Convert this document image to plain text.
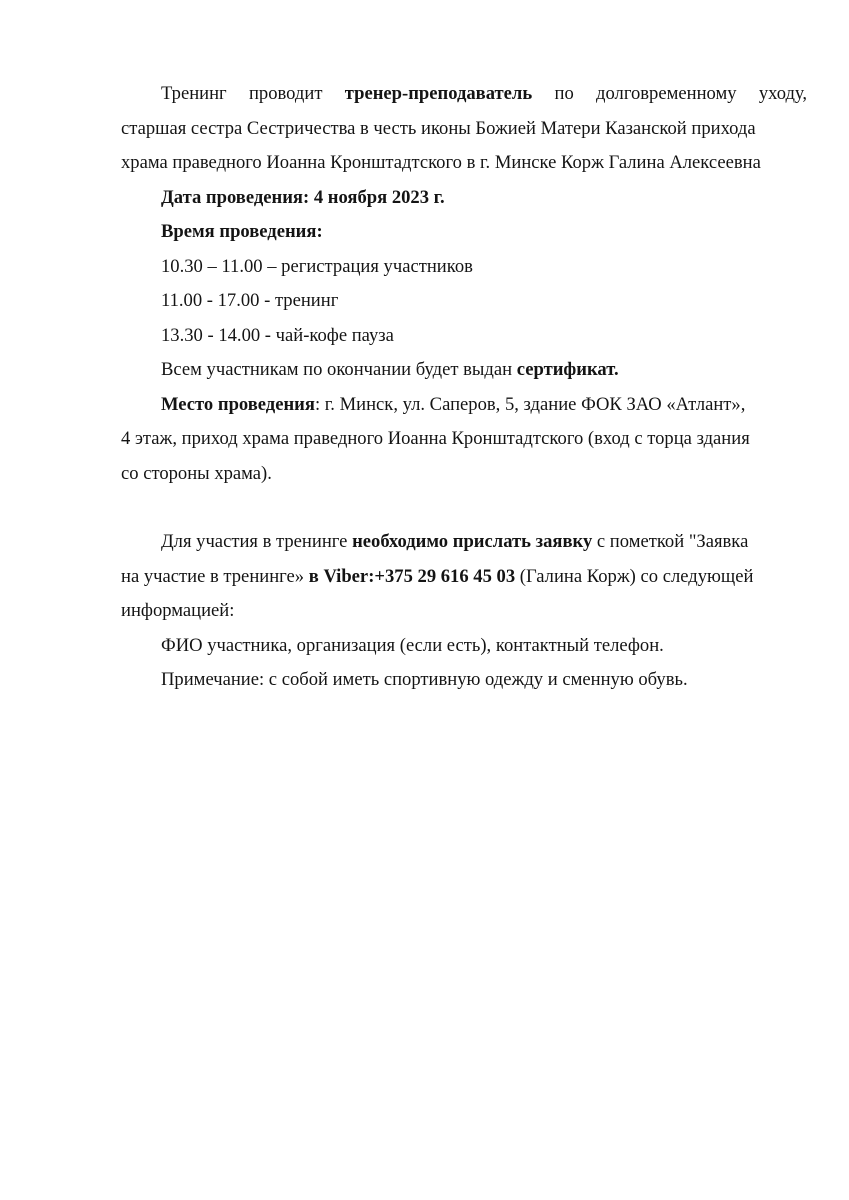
Тренинг проводит тренер-преподаватель по долговременному уходу,

старшая сестра Сестричества в честь иконы Божией Матери Казанской прихода

храма праведного Иоанна Кронштадтского в г. Минске Корж Галина Алексеевна

Дата проведения: 4 ноября 2023 г.

Время проведения:

10.30 – 11.00 – регистрация участников

11.00 - 17.00 - тренинг

13.30 - 14.00 - чай-кофе пауза

Всем участникам по окончании будет выдан сертификат.

Место проведения: г. Минск, ул. Саперов, 5, здание ФОК ЗАО «Атлант»,

4 этаж, приход храма праведного Иоанна Кронштадтского (вход с торца здания

со стороны храма).

Для участия в тренинге необходимо прислать заявку с пометкой "Заявка

на участие в тренинге» в Viber:+375 29 616 45 03 (Галина Корж) со следующей

информацией:

ФИО участника, организация (если есть), контактный телефон.

Примечание: с собой иметь спортивную одежду и сменную обувь.
